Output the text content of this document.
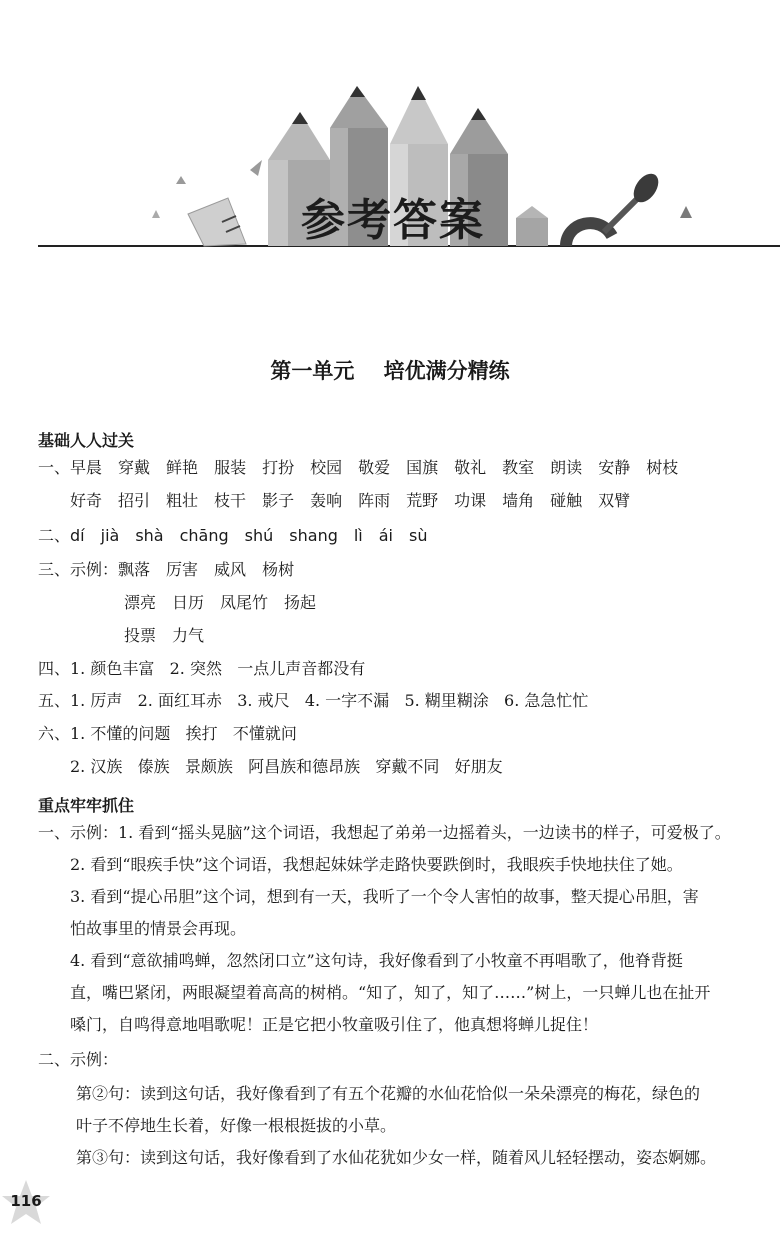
参考答案
第一单元    培优满分精练
基础人人过关
一、早晨 穿戴 鲜艳 服装 打扮 校园 敬爱 国旗 敬礼 教室 朗读 安静 树枝
好奇 招引 粗壮 枝干 影子 轰响 阵雨 荒野 功课 墙角 碰触 双臂
二、dí jià shà chāng shú shang lì ái sù
三、示例：飘落 厉害 威风 杨树
漂亮 日历 凤尾竹 扬起
投票 力气
四、1. 颜色丰富   2. 突然   一点儿声音都没有
五、1. 厉声   2. 面红耳赤   3. 戒尺   4. 一字不漏   5. 糊里糊涂   6. 急急忙忙
六、1. 不懂的问题   挨打   不懂就问
2. 汉族   傣族   景颇族   阿昌族和德昂族   穿戴不同   好朋友
重点牢牢抓住
一、示例：1. 看到“摇头晃脑”这个词语，我想起了弟弟一边摇着头，一边读书的样子，可爱极了。
2. 看到“眼疾手快”这个词语，我想起妹妹学走路快要跌倒时，我眼疾手快地扶住了她。
3. 看到“提心吊胆”这个词，想到有一天，我听了一个令人害怕的故事，整天提心吊胆，害
怕故事里的情景会再现。
4. 看到“意欲捕鸣蝉，忽然闭口立”这句诗，我好像看到了小牧童不再唱歌了，他脊背挺
直，嘴巴紧闭，两眼凝望着高高的树梢。“知了，知了，知了……”树上，一只蝉儿也在扯开
嗓门，自鸣得意地唱歌呢！正是它把小牧童吸引住了，他真想将蝉儿捉住！
二、示例：
第②句：读到这句话，我好像看到了有五个花瓣的水仙花恰似一朵朵漂亮的梅花，绿色的
叶子不停地生长着，好像一根根挺拔的小草。
第③句：读到这句话，我好像看到了水仙花犹如少女一样，随着风儿轻轻摆动，姿态婀娜。
116
